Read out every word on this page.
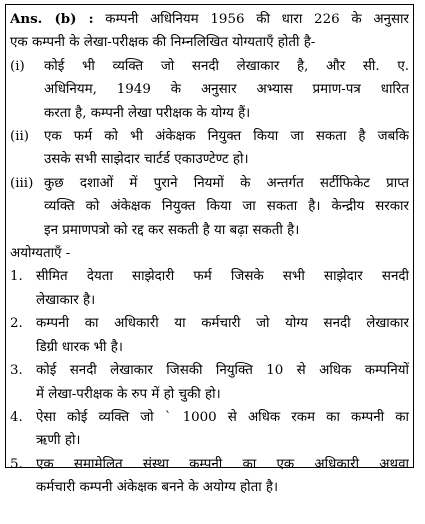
Ans. (b) : कम्पनी अधिनियम 1956 की धारा 226 के अनुसार
एक कम्पनी के लेखा-परीक्षक की निम्नलिखित योग्यताएँ होती है-
(i)	कोई भी व्यक्ति जो सनदी लेखाकार है, और सी. ए.
अधिनियम, 1949 के अनुसार अभ्यास प्रमाण-पत्र धारित
करता है, कम्पनी लेखा परीक्षक के योग्य हैं।
(ii)	एक फर्म को भी अंकेक्षक नियुक्त किया जा सकता है जबकि
उसके सभी साझेदार चार्टर्ड एकाउण्टेण्ट हो।
(iii) कुछ दशाओं में पुराने नियमों के अन्तर्गत सर्टीफिकेट प्राप्त
व्यक्ति को अंकेक्षक नियुक्त किया जा सकता है। केन्द्रीय सरकार
इन प्रमाणपत्रो को रद्द कर सकती है या बढ़ा सकती है।
अयोग्यताएँ -
1. सीमित देयता साझेदारी फर्म जिसके सभी साझेदार सनदी
लेखाकार है।
2. कम्पनी का अधिकारी या कर्मचारी जो योग्य सनदी लेखाकार
डिग्री धारक भी है।
3. कोई सनदी लेखाकार जिसकी नियुक्ति 10 से अधिक कम्पनियों
में लेखा-परीक्षक के रुप में हो चुकी हो।
4. ऐसा कोई व्यक्ति जो ` 1000 से अधिक रकम का कम्पनी का
ऋणी हो।
5. एक समामेलित संस्था कम्पनी का एक अधिकारी अथवा
कर्मचारी कम्पनी अंकेक्षक बनने के अयोग्य होता है।
